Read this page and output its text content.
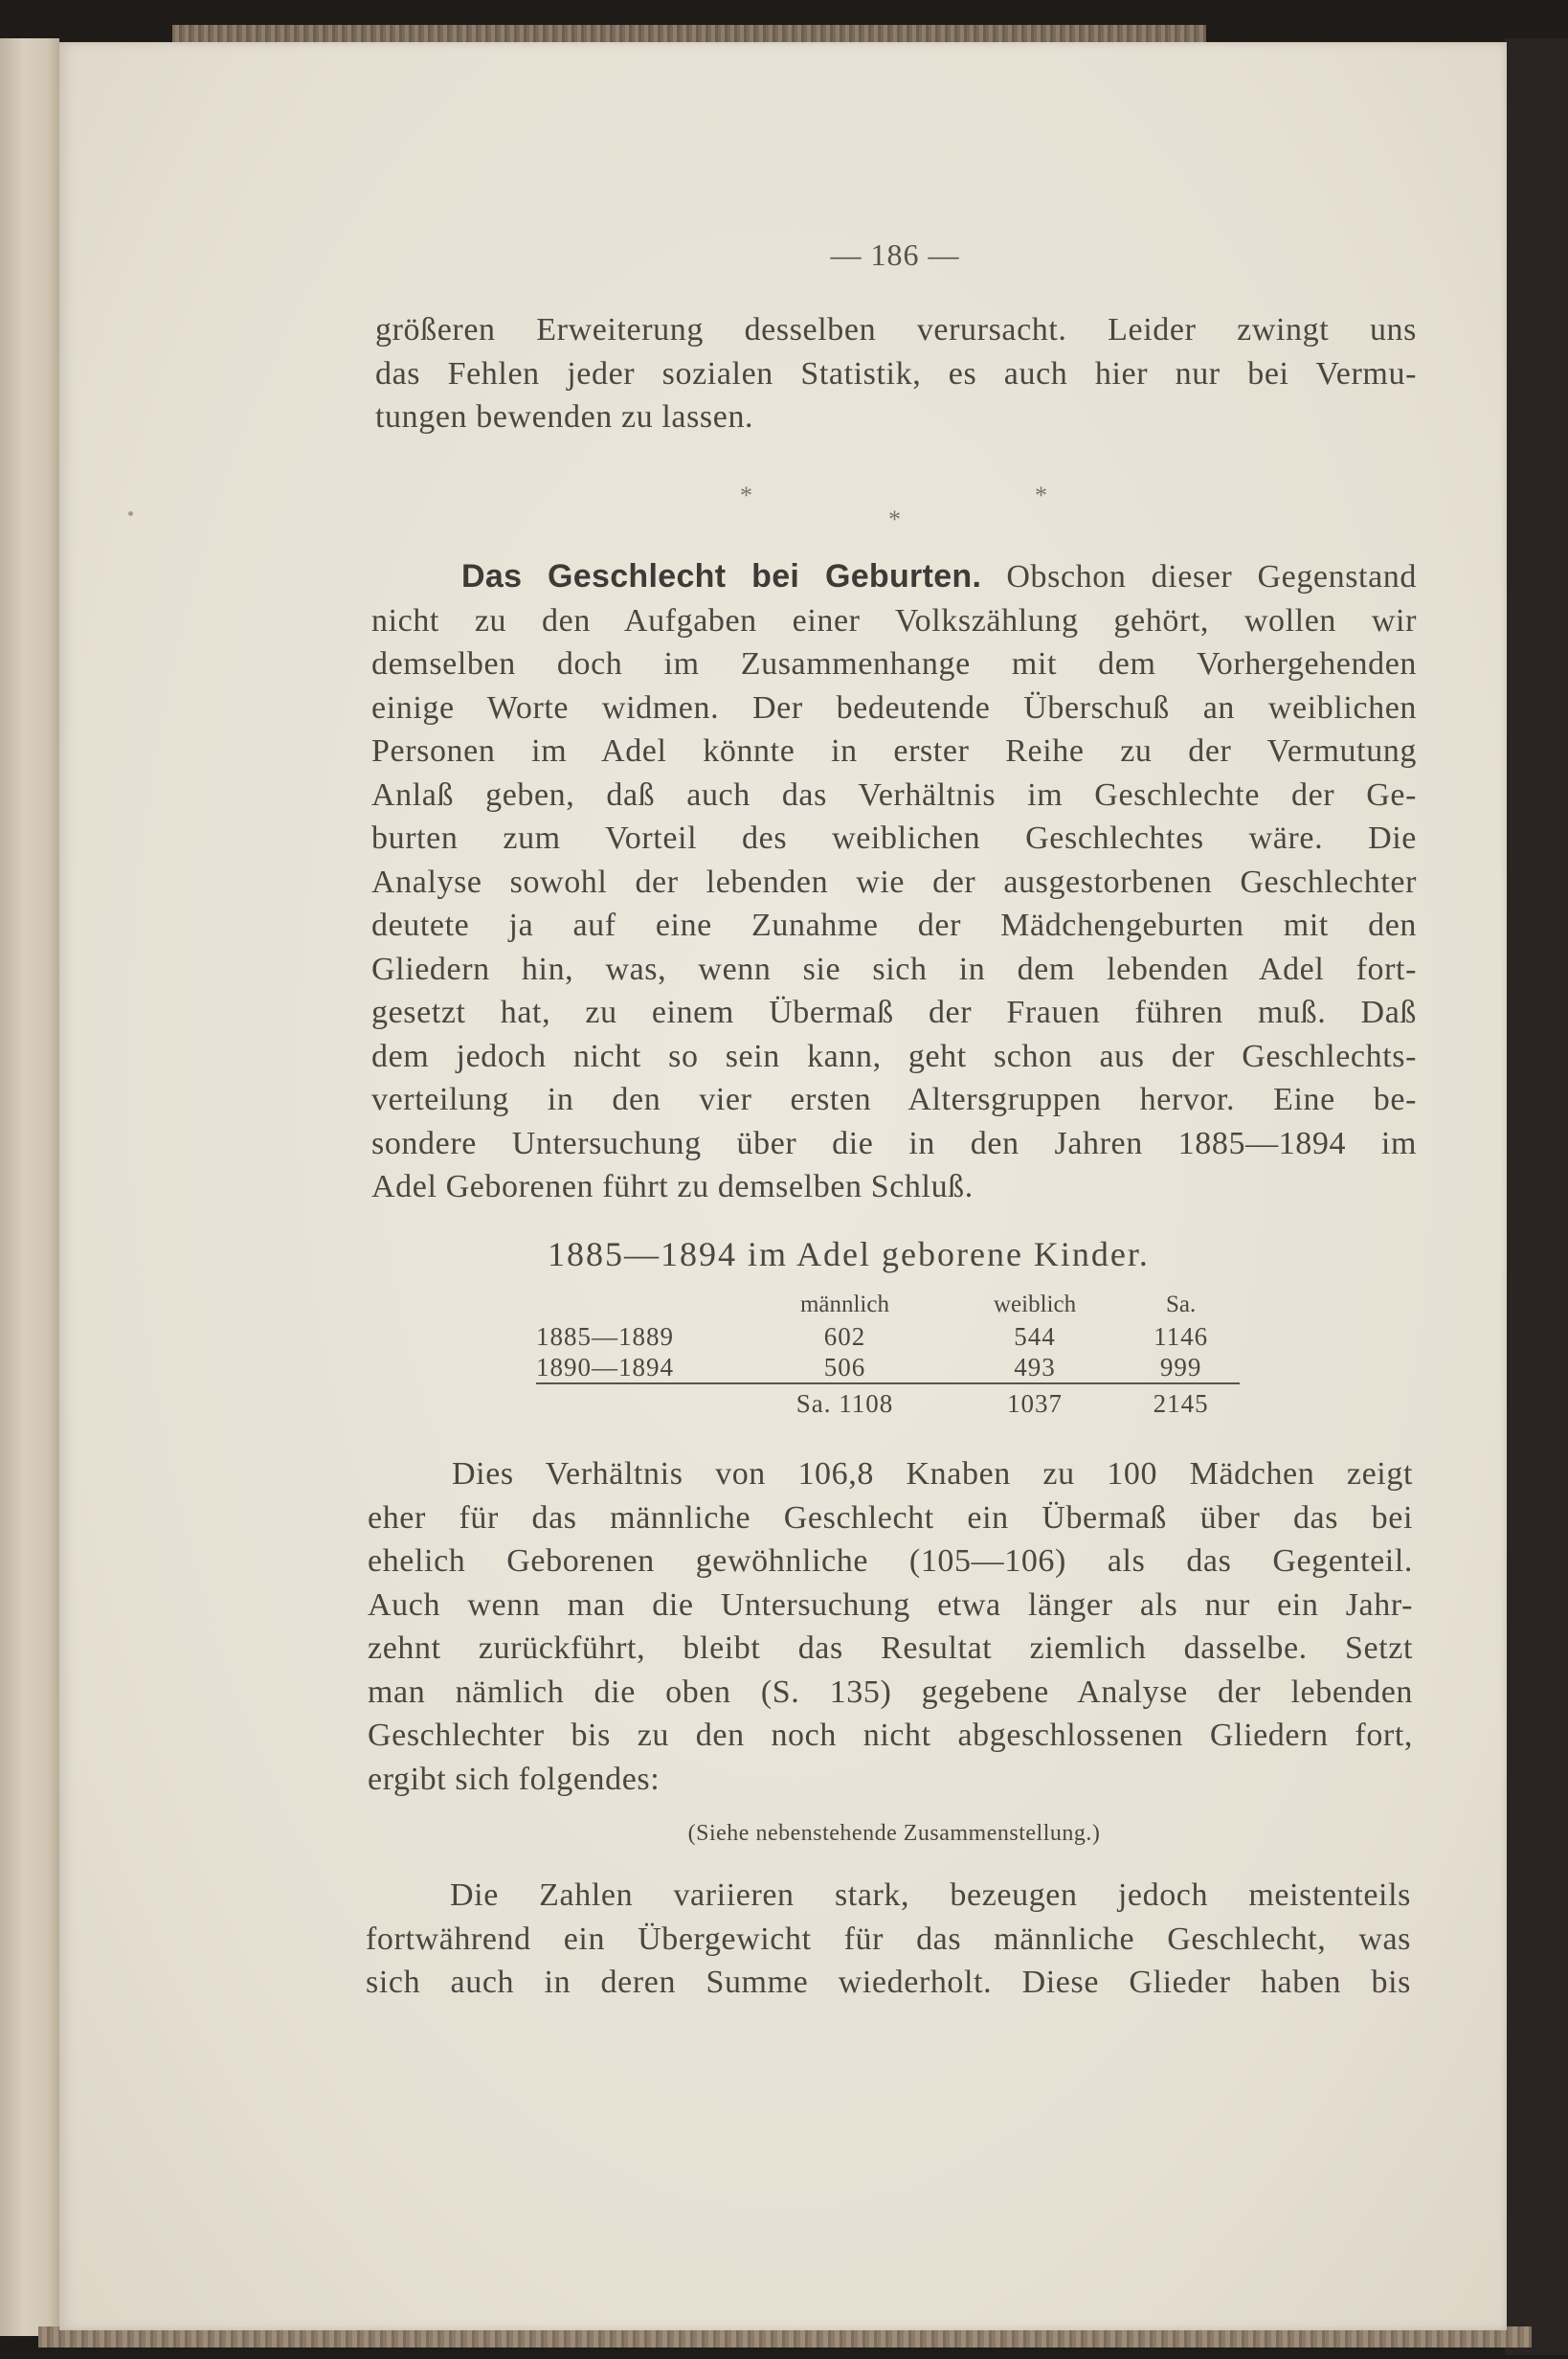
— 186 —
größeren Erweiterung desselben verursacht. Leider zwingt uns
das Fehlen jeder sozialen Statistik, es auch hier nur bei Vermu-
tungen bewenden zu lassen.
*	*
*
Das Geschlecht bei Geburten. Obschon dieser Gegenstand
nicht zu den Aufgaben einer Volkszählung gehört, wollen wir
demselben doch im Zusammenhange mit dem Vorhergehenden
einige Worte widmen. Der bedeutende Überschuß an weiblichen
Personen im Adel könnte in erster Reihe zu der Vermutung
Anlaß geben, daß auch das Verhältnis im Geschlechte der Ge-
burten zum Vorteil des weiblichen Geschlechtes wäre. Die
Analyse sowohl der lebenden wie der ausgestorbenen Geschlechter
deutete ja auf eine Zunahme der Mädchengeburten mit den
Gliedern hin, was, wenn sie sich in dem lebenden Adel fort-
gesetzt hat, zu einem Übermaß der Frauen führen muß. Daß
dem jedoch nicht so sein kann, geht schon aus der Geschlechts-
verteilung in den vier ersten Altersgruppen hervor. Eine be-
sondere Untersuchung über die in den Jahren 1885—1894 im
Adel Geborenen führt zu demselben Schluß.
1885—1894 im Adel geborene Kinder.
	männlich	weiblich	Sa.
1885—1889	602	544	1146
1890—1894	506	493	999
	Sa. 1108	1037	2145
Dies Verhältnis von 106,8 Knaben zu 100 Mädchen zeigt
eher für das männliche Geschlecht ein Übermaß über das bei
ehelich Geborenen gewöhnliche (105—106) als das Gegenteil.
Auch wenn man die Untersuchung etwa länger als nur ein Jahr-
zehnt zurückführt, bleibt das Resultat ziemlich dasselbe. Setzt
man nämlich die oben (S. 135) gegebene Analyse der lebenden
Geschlechter bis zu den noch nicht abgeschlossenen Gliedern fort,
ergibt sich folgendes:
(Siehe nebenstehende Zusammenstellung.)
Die Zahlen variieren stark, bezeugen jedoch meistenteils
fortwährend ein Übergewicht für das männliche Geschlecht, was
sich auch in deren Summe wiederholt. Diese Glieder haben bis
